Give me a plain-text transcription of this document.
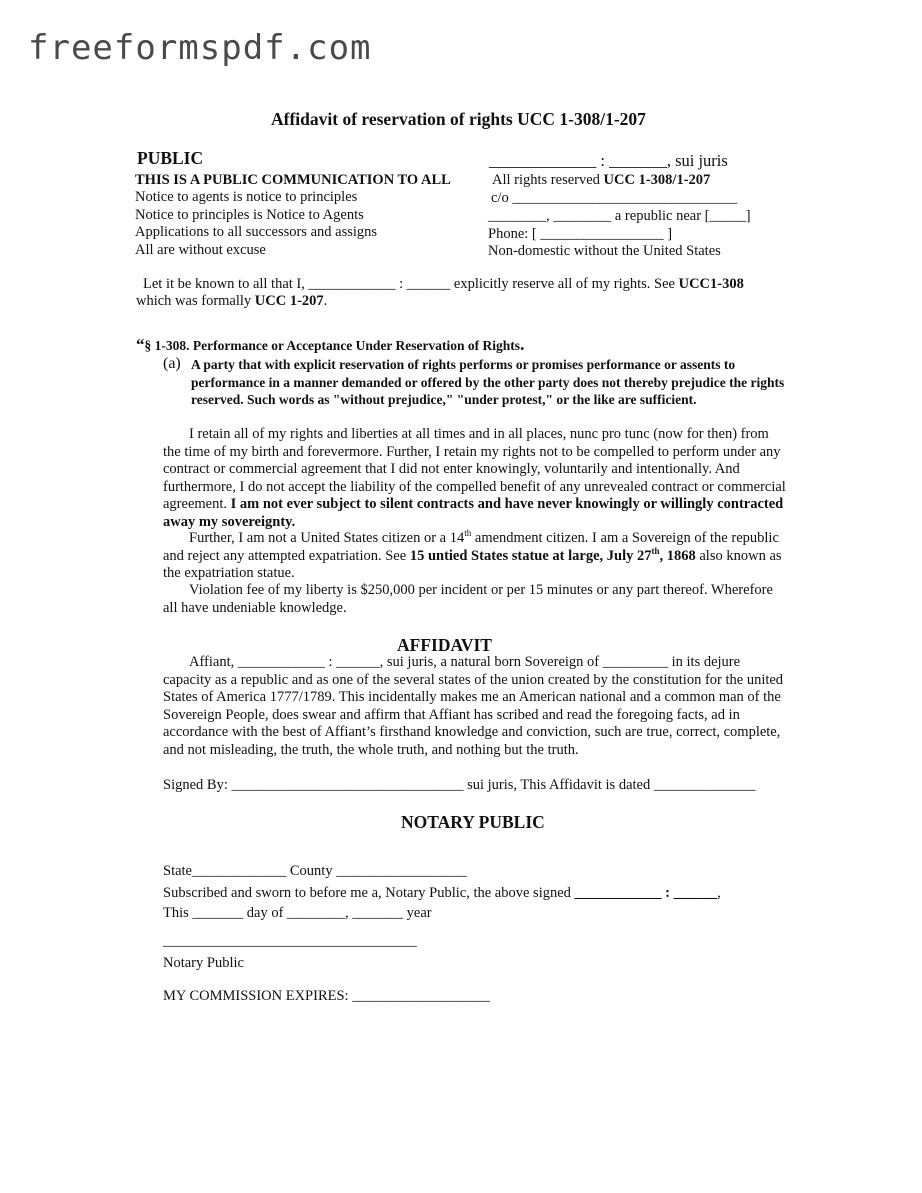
freeformspdf.com
Affidavit of reservation of rights UCC 1-308/1-207
PUBLIC
THIS IS A PUBLIC COMMUNICATION TO ALL
Notice to agents is notice to principles
Notice to principles is Notice to Agents
Applications to all successors and assigns
All are without excuse
_____________ : _______, sui juris
All rights reserved UCC 1-308/1-207
c/o _______________________________
________, ________ a republic near [_____]
Phone: [ _________________ ]
Non-domestic without the United States
Let it be known to all that I, ____________ : ______ explicitly reserve all of my rights. See UCC1-308
which was formally UCC 1-207.
“§ 1-308. Performance or Acceptance Under Reservation of Rights.
(a) A party that with explicit reservation of rights performs or promises performance or assents to performance in a manner demanded or offered by the other party does not thereby prejudice the rights reserved. Such words as "without prejudice," "under protest," or the like are sufficient.
I retain all of my rights and liberties at all times and in all places, nunc pro tunc (now for then) from the time of my birth and forevermore. Further, I retain my rights not to be compelled to perform under any contract or commercial agreement that I did not enter knowingly, voluntarily and intentionally. And furthermore, I do not accept the liability of the compelled benefit of any unrevealed contract or commercial agreement. I am not ever subject to silent contracts and have never knowingly or willingly contracted away my sovereignty.
Further, I am not a United States citizen or a 14th amendment citizen. I am a Sovereign of the republic and reject any attempted expatriation. See 15 untied States statue at large, July 27th, 1868 also known as the expatriation statue.
Violation fee of my liberty is $250,000 per incident or per 15 minutes or any part thereof. Wherefore all have undeniable knowledge.
AFFIDAVIT
Affiant, ____________ : ______, sui juris, a natural born Sovereign of _________ in its dejure capacity as a republic and as one of the several states of the union created by the constitution for the united States of America 1777/1789. This incidentally makes me an American national and a common man of the Sovereign People, does swear and affirm that Affiant has scribed and read the foregoing facts, ad in accordance with the best of Affiant’s firsthand knowledge and conviction, such are true, correct, complete, and not misleading, the truth, the whole truth, and nothing but the truth.
Signed By: ________________________________ sui juris, This Affidavit is dated ______________
NOTARY PUBLIC
State_____________ County __________________
Subscribed and sworn to before me a, Notary Public, the above signed ____________ : ______,
This _______ day of ________, _______ year
___________________________________
Notary Public
MY COMMISSION EXPIRES: ___________________
